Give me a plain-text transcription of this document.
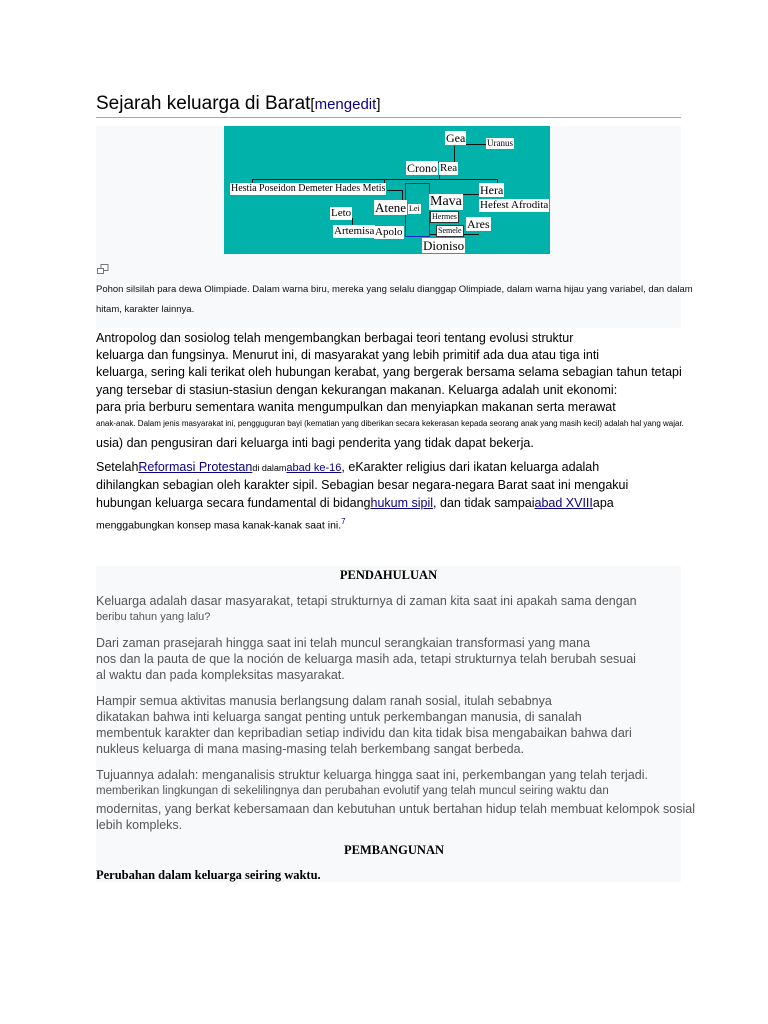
Sejarah keluarga di Barat[mengedit]
Gea Uranus
Crono Rea
Hestia Poseidon Demeter Hades Metis	Hera
Mava Hefest Afrodita
Atene Lei
Leto	Hermes
Ares
Artemisa Apolo	Semele
Dioniso
Pohon silsilah para dewa Olimpiade. Dalam warna biru, mereka yang selalu dianggap Olimpiade, dalam warna hijau yang variabel, dan dalam
hitam, karakter lainnya.
Antropolog dan sosiolog telah mengembangkan berbagai teori tentang evolusi struktur
keluarga dan fungsinya. Menurut ini, di masyarakat yang lebih primitif ada dua atau tiga inti
keluarga, sering kali terikat oleh hubungan kerabat, yang bergerak bersama selama sebagian tahun tetapi
yang tersebar di stasiun-stasiun dengan kekurangan makanan. Keluarga adalah unit ekonomi:
para pria berburu sementara wanita mengumpulkan dan menyiapkan makanan serta merawat
anak-anak. Dalam jenis masyarakat ini, pengguguran bayi (kematian yang diberikan secara kekerasan kepada seorang anak yang masih kecil) adalah hal yang wajar.
usia) dan pengusiran dari keluarga inti bagi penderita yang tidak dapat bekerja.
SetelahReformasi Protestandi dalamabad ke-16, eKarakter religius dari ikatan keluarga adalah
dihilangkan sebagian oleh karakter sipil. Sebagian besar negara-negara Barat saat ini mengakui
hubungan keluarga secara fundamental di bidanghukum sipil, dan tidak sampaiabad XVIIIapa
menggabungkan konsep masa kanak-kanak saat ini.$^7$
PENDAHULUAN
Keluarga adalah dasar masyarakat, tetapi strukturnya di zaman kita saat ini apakah sama dengan
beribu tahun yang lalu?
Dari zaman prasejarah hingga saat ini telah muncul serangkaian transformasi yang mana
nos dan la pauta de que la noción de keluarga masih ada, tetapi strukturnya telah berubah sesuai
al waktu dan pada kompleksitas masyarakat.
Hampir semua aktivitas manusia berlangsung dalam ranah sosial, itulah sebabnya
dikatakan bahwa inti keluarga sangat penting untuk perkembangan manusia, di sanalah
membentuk karakter dan kepribadian setiap individu dan kita tidak bisa mengabaikan bahwa dari
nukleus keluarga di mana masing-masing telah berkembang sangat berbeda.
Tujuannya adalah: menganalisis struktur keluarga hingga saat ini, perkembangan yang telah terjadi.
memberikan lingkungan di sekelilingnya dan perubahan evolutif yang telah muncul seiring waktu dan
modernitas, yang berkat kebersamaan dan kebutuhan untuk bertahan hidup telah membuat kelompok sosial
lebih kompleks.
PEMBANGUNAN
Perubahan dalam keluarga seiring waktu.
